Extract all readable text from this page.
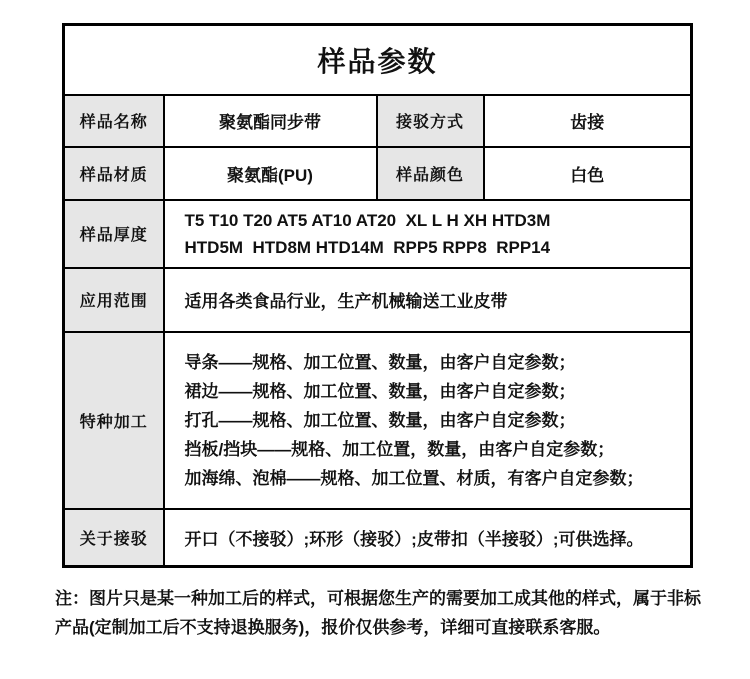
样品参数			
样品名称	聚氨酯同步带	接驳方式	齿接
样品材质	聚氨酯(PU)	样品颜色	白色
样品厚度	T5 T10 T20 AT5 AT10 AT20  XL L H XH HTD3M
HTD5M  HTD8M HTD14M  RPP5 RPP8  RPP14		

应用范围	适用各类食品行业，生产机械输送工业皮带		
特种加工	导条——规格、加工位置、数量，由客户自定参数；
裙边——规格、加工位置、数量，由客户自定参数；
打孔——规格、加工位置、数量，由客户自定参数；
挡板/挡块——规格、加工位置，数量，由客户自定参数；
加海绵、泡棉——规格、加工位置、材质，有客户自定参数；		

关于接驳	开口（不接驳）;环形（接驳）;皮带扣（半接驳）;可供选择。		
注：图片只是某一种加工后的样式，可根据您生产的需要加工成其他的样式，属于非标
产品(定制加工后不支持退换服务)，报价仅供参考，详细可直接联系客服。
